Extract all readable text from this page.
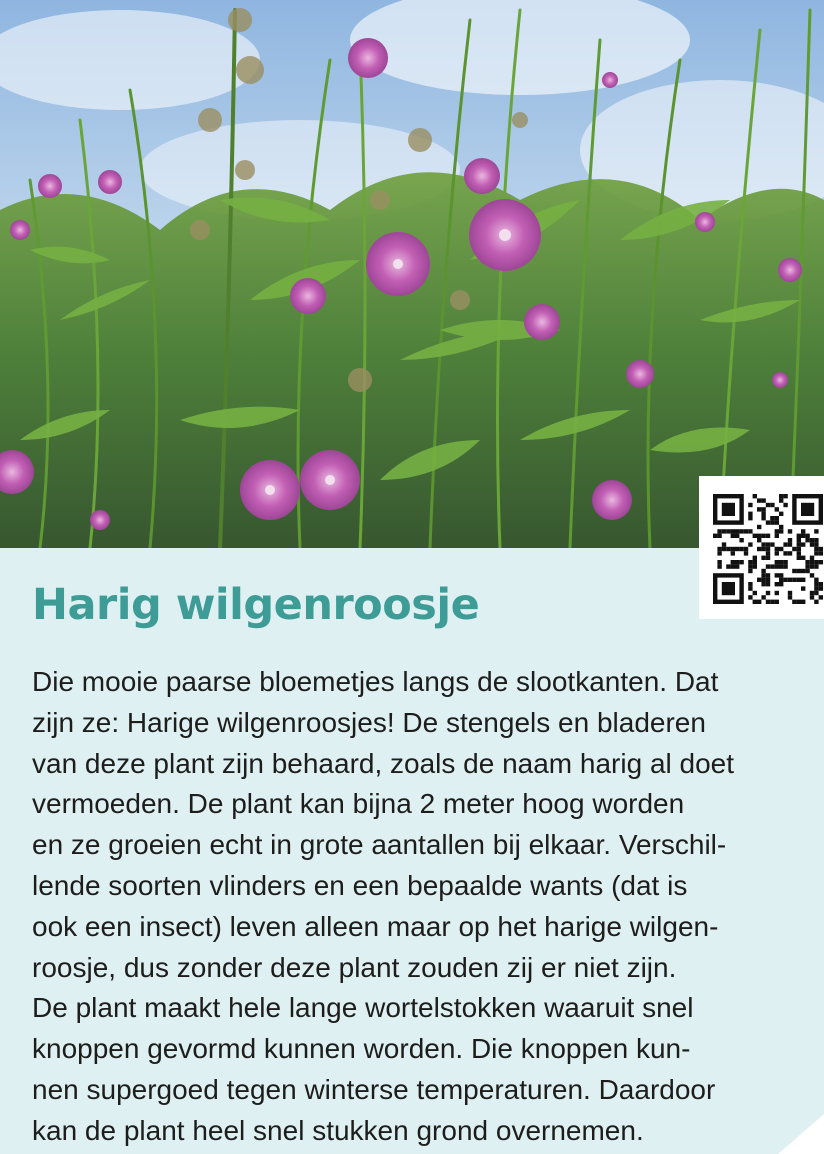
Harig wilgenroosje
Die mooie paarse bloemetjes langs de slootkanten. Dat
zijn ze: Harige wilgenroosjes! De stengels en bladeren
van deze plant zijn behaard, zoals de naam harig al doet
vermoeden. De plant kan bijna 2 meter hoog worden
en ze groeien echt in grote aantallen bij elkaar. Verschil-
lende soorten vlinders en een bepaalde wants (dat is
ook een insect) leven alleen maar op het harige wilgen-
roosje, dus zonder deze plant zouden zij er niet zijn.
De plant maakt hele lange wortelstokken waaruit snel
knoppen gevormd kunnen worden. Die knoppen kun-
nen supergoed tegen winterse temperaturen. Daardoor
kan de plant heel snel stukken grond overnemen.
